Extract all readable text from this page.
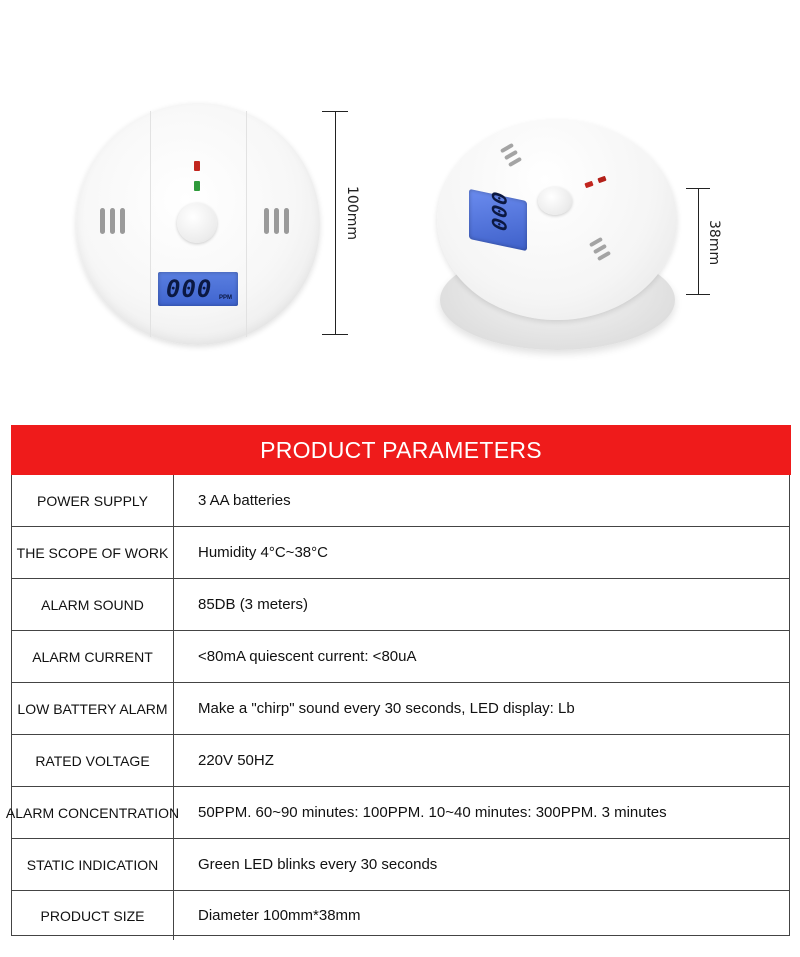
000 PPM
100mm	000
38mm
PRODUCT PARAMETERS
POWER SUPPLY	3 AA batteries
THE SCOPE OF WORK	Humidity 4°C~38°C
ALARM SOUND	85DB (3 meters)
ALARM CURRENT	<80mA quiescent current: <80uA
LOW BATTERY ALARM	Make a "chirp" sound every 30 seconds, LED display: Lb
RATED VOLTAGE	220V 50HZ
ALARM CONCENTRATION	50PPM. 60~90 minutes: 100PPM. 10~40 minutes: 300PPM. 3 minutes
STATIC INDICATION	Green LED blinks every 30 seconds
PRODUCT SIZE	Diameter 100mm*38mm
